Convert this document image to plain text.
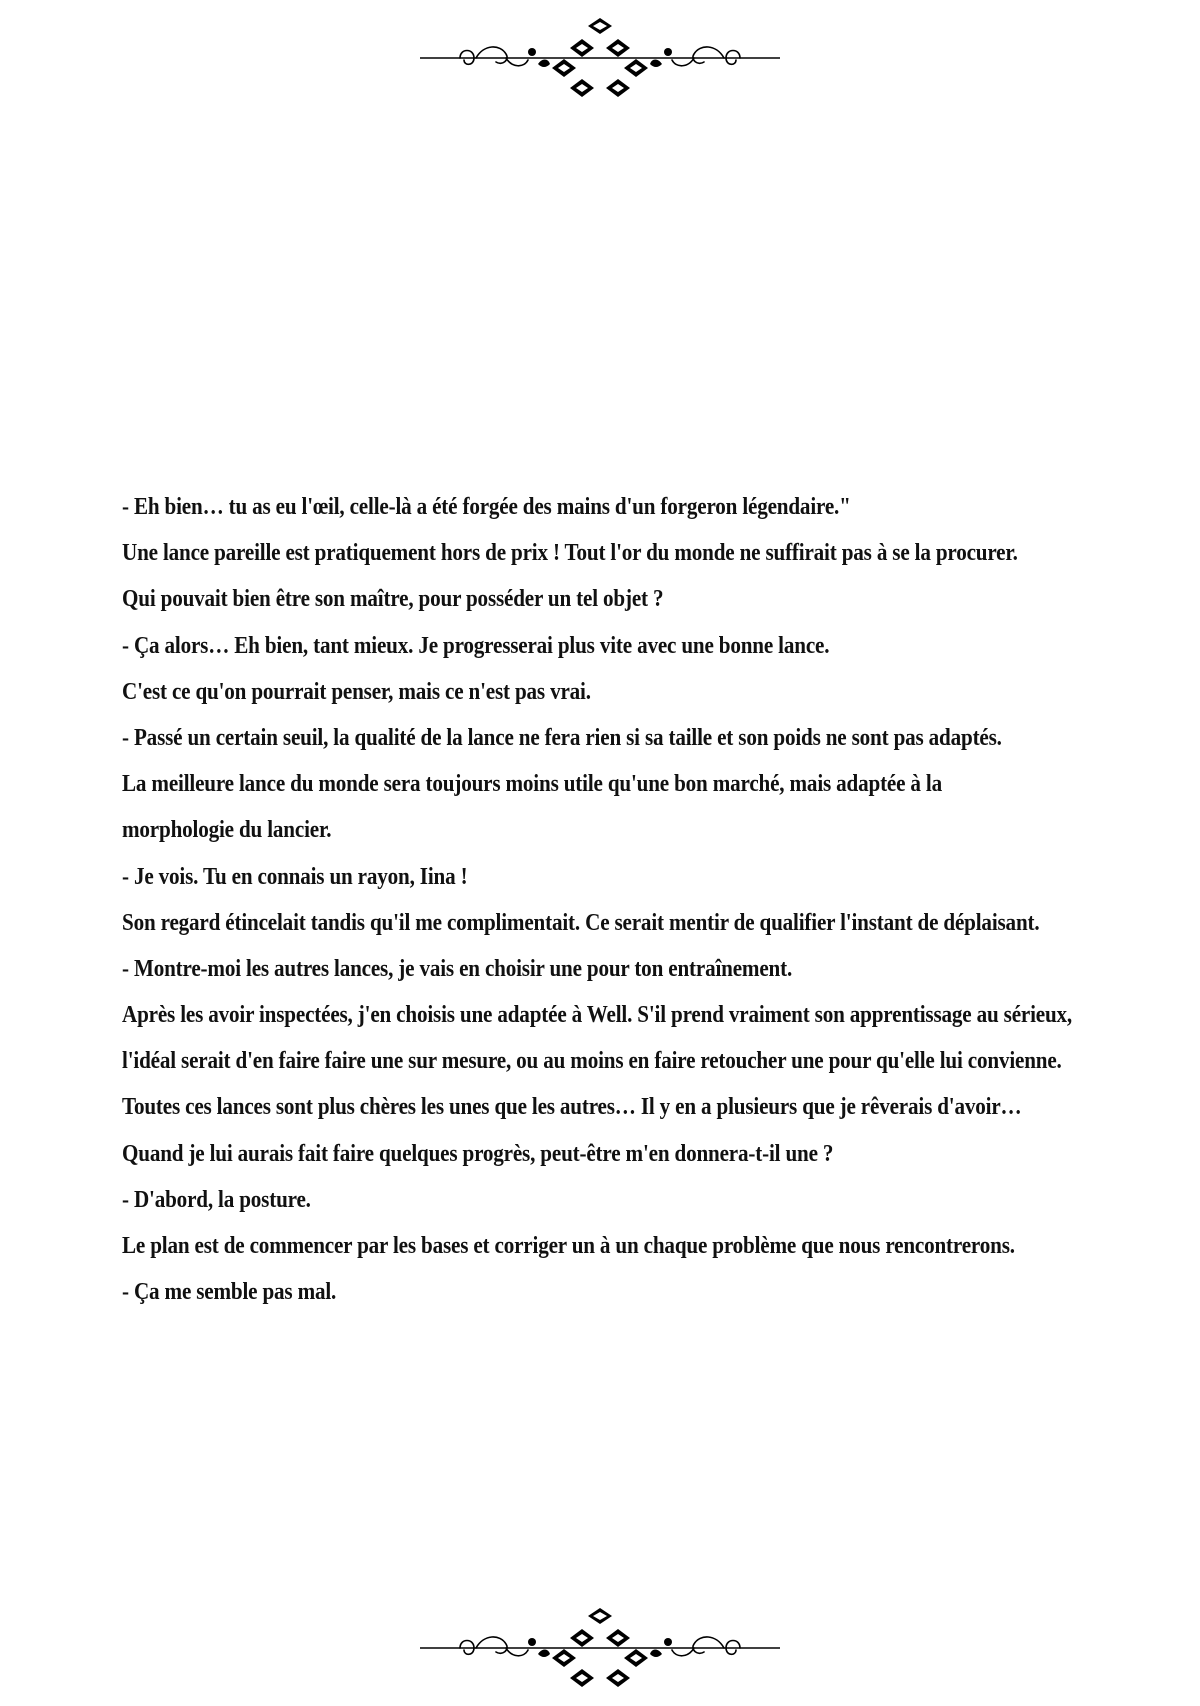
- Eh bien… tu as eu l'œil, celle-là a été forgée des mains d'un forgeron légendaire."
Une lance pareille est pratiquement hors de prix ! Tout l'or du monde ne suffirait pas à se la procurer.
Qui pouvait bien être son maître, pour posséder un tel objet ?
- Ça alors… Eh bien, tant mieux. Je progresserai plus vite avec une bonne lance.
C'est ce qu'on pourrait penser, mais ce n'est pas vrai.
- Passé un certain seuil, la qualité de la lance ne fera rien si sa taille et son poids ne sont pas adaptés.
La meilleure lance du monde sera toujours moins utile qu'une bon marché, mais adaptée à la
morphologie du lancier.
- Je vois. Tu en connais un rayon, Iina !
Son regard étincelait tandis qu'il me complimentait. Ce serait mentir de qualifier l'instant de déplaisant.
- Montre-moi les autres lances, je vais en choisir une pour ton entraînement.
Après les avoir inspectées, j'en choisis une adaptée à Well. S'il prend vraiment son apprentissage au sérieux,
l'idéal serait d'en faire faire une sur mesure, ou au moins en faire retoucher une pour qu'elle lui convienne.
Toutes ces lances sont plus chères les unes que les autres… Il y en a plusieurs que je rêverais d'avoir…
Quand je lui aurais fait faire quelques progrès, peut-être m'en donnera-t-il une ?
- D'abord, la posture.
Le plan est de commencer par les bases et corriger un à un chaque problème que nous rencontrerons.
- Ça me semble pas mal.
